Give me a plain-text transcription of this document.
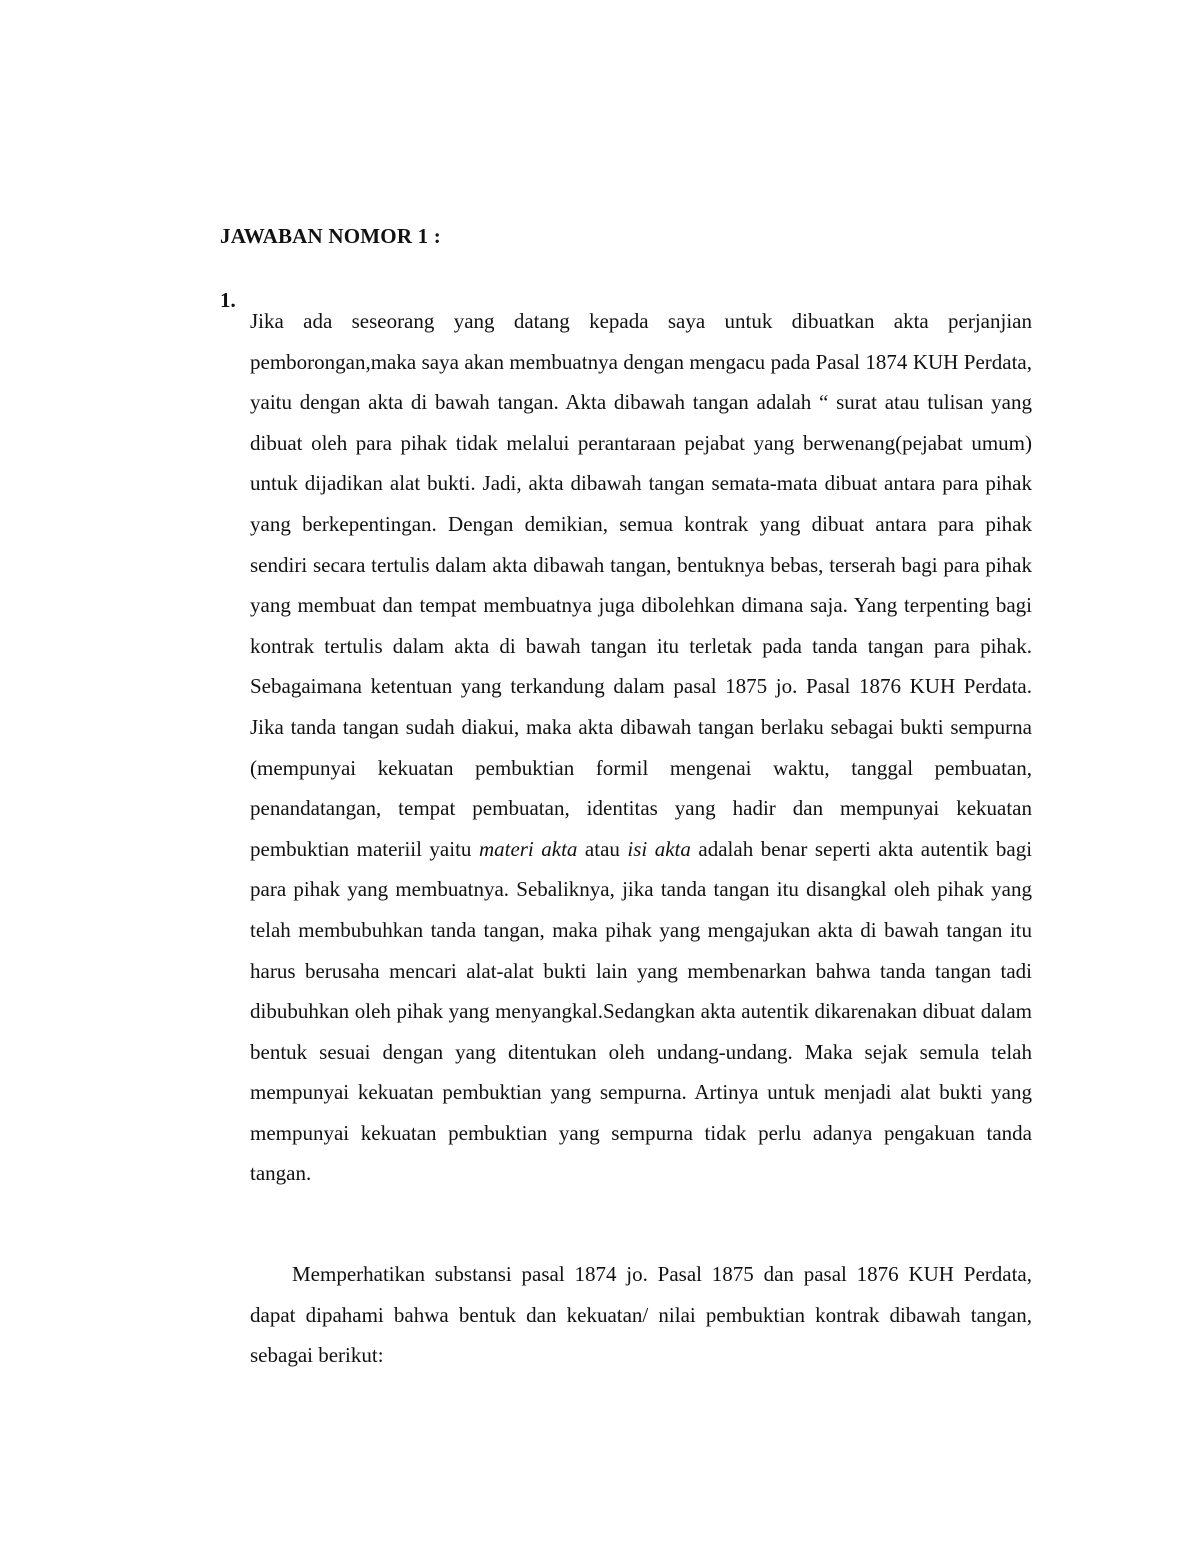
JAWABAN NOMOR 1 :
1.

Jika ada seseorang yang datang kepada saya untuk dibuatkan akta perjanjian pemborongan,maka saya akan membuatnya dengan mengacu pada Pasal 1874 KUH Perdata, yaitu dengan akta di bawah tangan. Akta dibawah tangan adalah “ surat atau tulisan yang dibuat oleh para pihak tidak melalui perantaraan pejabat yang berwenang(pejabat umum) untuk dijadikan alat bukti. Jadi, akta dibawah tangan semata-mata dibuat antara para pihak yang berkepentingan. Dengan demikian, semua kontrak yang dibuat antara para pihak sendiri secara tertulis dalam akta dibawah tangan, bentuknya bebas, terserah bagi para pihak yang membuat dan tempat membuatnya juga dibolehkan dimana saja. Yang terpenting bagi kontrak tertulis dalam akta di bawah tangan itu terletak pada tanda tangan para pihak. Sebagaimana ketentuan yang terkandung dalam pasal 1875 jo. Pasal 1876 KUH Perdata. Jika tanda tangan sudah diakui, maka akta dibawah tangan berlaku sebagai bukti sempurna (mempunyai kekuatan pembuktian formil mengenai waktu, tanggal pembuatan, penandatangan, tempat pembuatan, identitas yang hadir dan mempunyai kekuatan pembuktian materiil yaitu materi akta atau isi akta adalah benar seperti akta autentik bagi para pihak yang membuatnya. Sebaliknya, jika tanda tangan itu disangkal oleh pihak yang telah membubuhkan tanda tangan, maka pihak yang mengajukan akta di bawah tangan itu harus berusaha mencari alat-alat bukti lain yang membenarkan bahwa tanda tangan tadi dibubuhkan oleh pihak yang menyangkal.Sedangkan akta autentik dikarenakan dibuat dalam bentuk sesuai dengan yang ditentukan oleh undang-undang. Maka sejak semula telah mempunyai kekuatan pembuktian yang sempurna. Artinya untuk menjadi alat bukti yang mempunyai kekuatan pembuktian yang sempurna tidak perlu adanya pengakuan tanda tangan.

Memperhatikan substansi pasal 1874 jo. Pasal 1875 dan pasal 1876 KUH Perdata, dapat dipahami bahwa bentuk dan kekuatan/ nilai pembuktian kontrak dibawah tangan, sebagai berikut:
